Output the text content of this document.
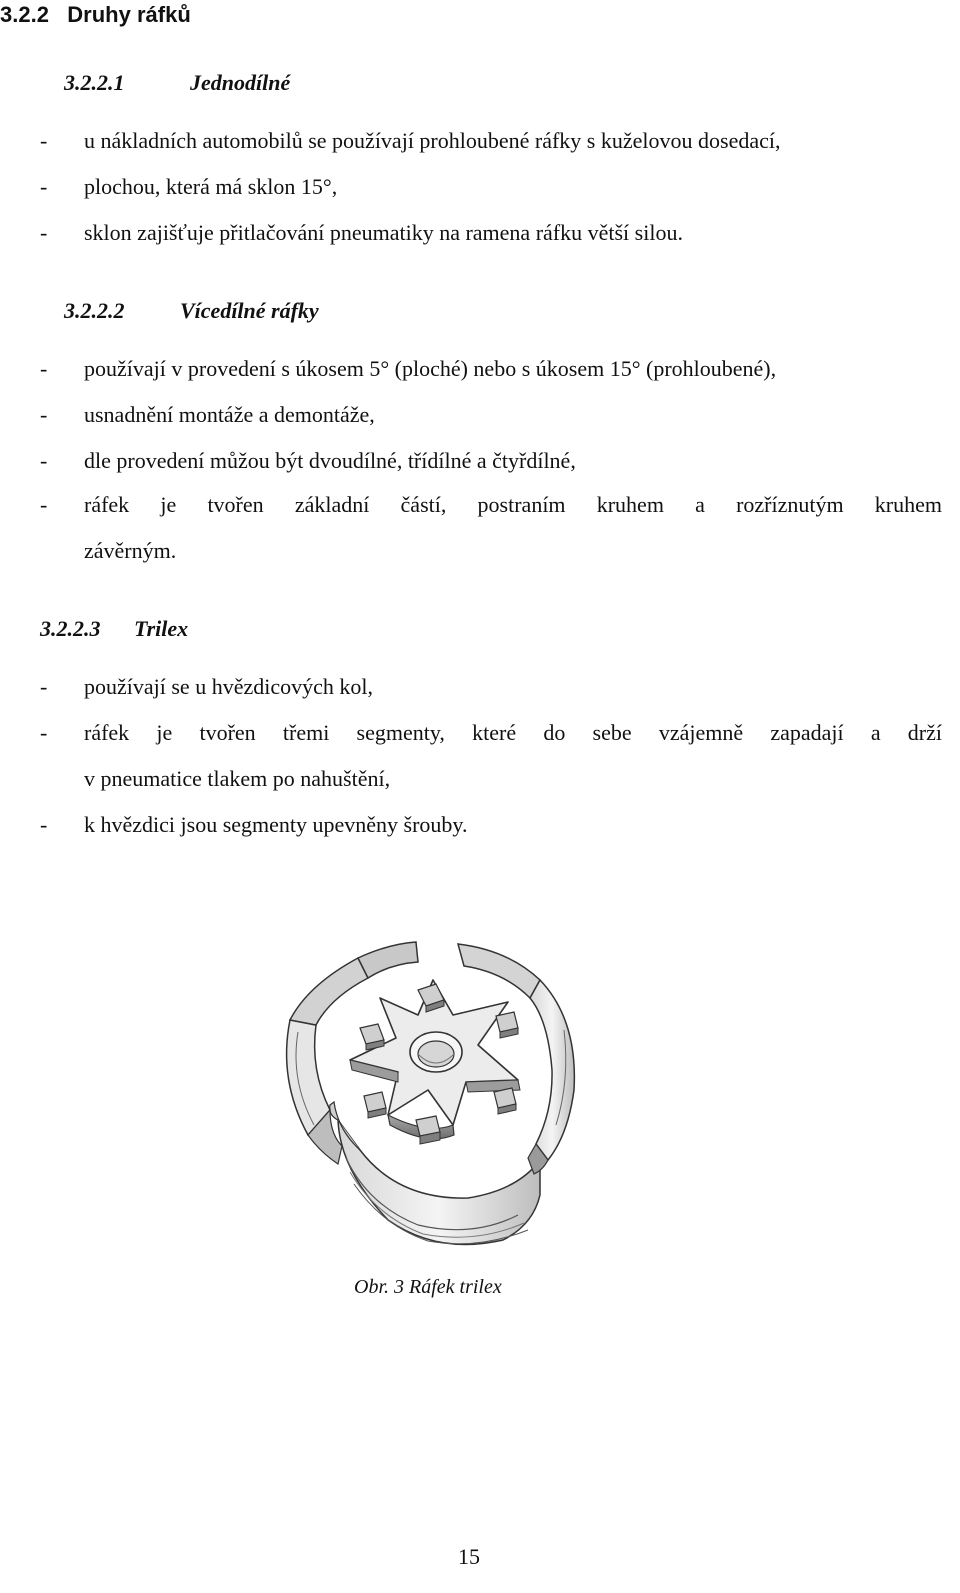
3.2.2 Druhy ráfků
3.2.2.1	Jednodílné
- u nákladních automobilů se používají prohloubené ráfky s kuželovou dosedací,
- plochou, která má sklon 15°,
- sklon zajišťuje přitlačování pneumatiky na ramena ráfku větší silou.
3.2.2.2	Vícedílné ráfky
- používají v provedení s úkosem 5° (ploché) nebo s úkosem 15° (prohloubené),
- usnadnění montáže a demontáže,
- dle provedení můžou být dvoudílné, třídílné a čtyřdílné,
- ráfek je tvořen základní částí, postraním kruhem a rozříznutým kruhem
závěrným.
3.2.2.3 Trilex
- používají se u hvězdicových kol,
- ráfek je tvořen třemi segmenty, které do sebe vzájemně zapadají a drží
v pneumatice tlakem po nahuštění,
- k hvězdici jsou segmenty upevněny šrouby.
Obr. 3 Ráfek trilex
15
